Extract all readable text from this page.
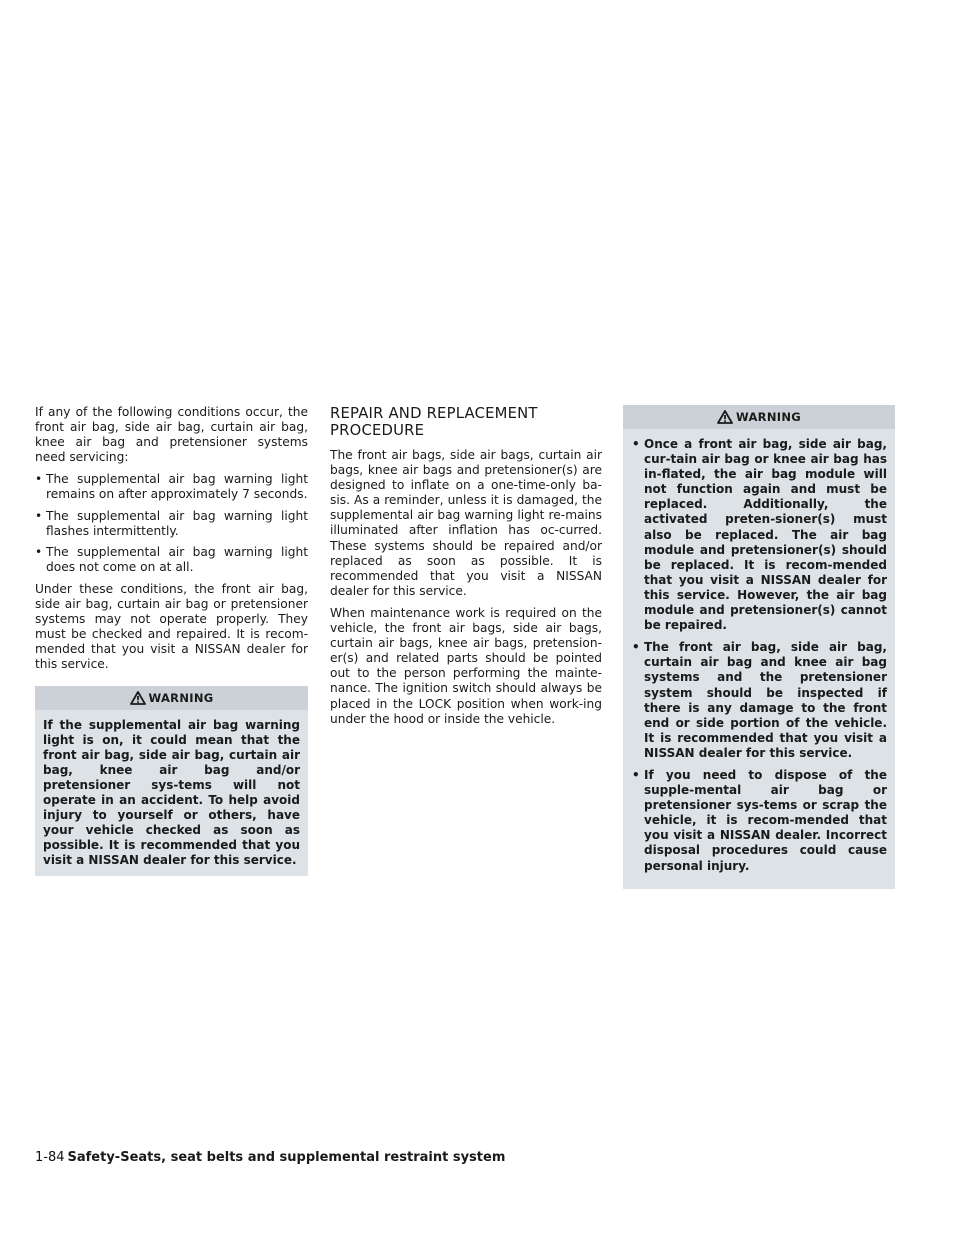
If any of the following conditions occur, the front air bag, side air bag, curtain air bag, knee air bag and pretensioner systems need servicing:

• The supplemental air bag warning light remains on after approximately 7 seconds.
• The supplemental air bag warning light flashes intermittently.
• The supplemental air bag warning light does not come on at all.

Under these conditions, the front air bag, side air bag, curtain air bag or pretensioner systems may not operate properly. They must be checked and repaired. It is recom-mended that you visit a NISSAN dealer for this service.

WARNING
If the supplemental air bag warning light is on, it could mean that the front air bag, side air bag, curtain air bag, knee air bag and/or pretensioner sys-tems will not operate in an accident. To help avoid injury to yourself or others, have your vehicle checked as soon as possible. It is recommended that you visit a NISSAN dealer for this service.
REPAIR AND REPLACEMENT PROCEDURE

The front air bags, side air bags, curtain air bags, knee air bags and pretensioner(s) are designed to inflate on a one-time-only ba-sis. As a reminder, unless it is damaged, the supplemental air bag warning light re-mains illuminated after inflation has oc-curred. These systems should be repaired and/or replaced as soon as possible. It is recommended that you visit a NISSAN dealer for this service.

When maintenance work is required on the vehicle, the front air bags, side air bags, curtain air bags, knee air bags, pretension-er(s) and related parts should be pointed out to the person performing the mainte-nance. The ignition switch should always be placed in the LOCK position when work-ing under the hood or inside the vehicle.

WARNING
• Once a front air bag, side air bag, cur-tain air bag or knee air bag has in-flated, the air bag module will not function again and must be replaced. Additionally, the activated preten-sioner(s) must also be replaced. The air bag module and pretensioner(s) should be replaced. It is recom-mended that you visit a NISSAN dealer for this service. However, the air bag module and pretensioner(s) cannot be repaired.
• The front air bag, side air bag, curtain air bag and knee air bag systems and the pretensioner system should be inspected if there is any damage to the front end or side portion of the vehicle. It is recommended that you visit a NISSAN dealer for this service.
• If you need to dispose of the supple-mental air bag or pretensioner sys-tems or scrap the vehicle, it is recom-mended that you visit a NISSAN dealer. Incorrect disposal procedures could cause personal injury.
1-84 Safety-Seats, seat belts and supplemental restraint system
